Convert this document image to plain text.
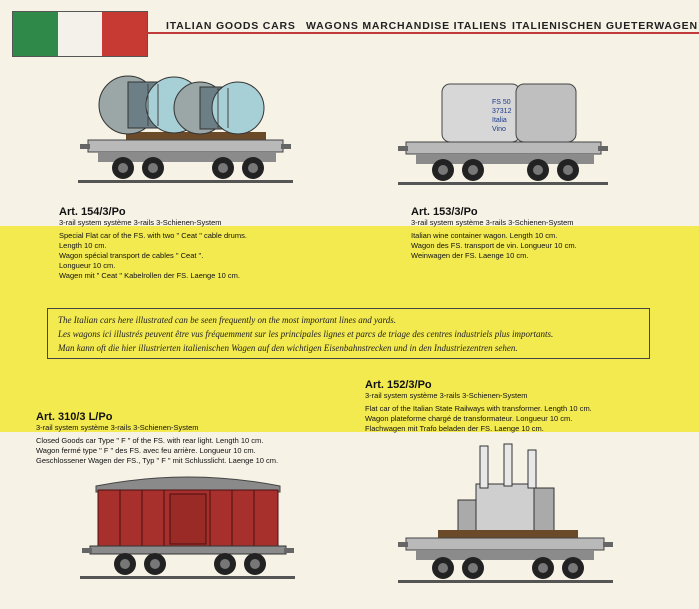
ITALIAN GOODS CARS WAGONS MARCHANDISE ITALIENS ITALIENISCHEN GUETERWAGEN
FS 50
37312
Italia
Vino
Art. 154/3/Po
3-rail system système 3-rails 3-Schienen-System
Special Flat car of the FS. with two " Ceat " cable drums.
Length 10 cm.
Wagon spécial transport de cables " Ceat ".
Longueur 10 cm.
Wagen mit " Ceat " Kabelrollen der FS. Laenge 10 cm.
Art. 153/3/Po
3-rail system système 3-rails 3-Schienen-System
Italian wine container wagon. Length 10 cm.
Wagon des FS. transport de vin. Longueur 10 cm.
Weinwagen der FS. Laenge 10 cm.
The Italian cars here illustrated can be seen frequently on the most important lines and yards.
Les wagons ici illustrés peuvent être vus fréquemment sur les principales lignes et parcs de triage des centres industriels plus importants.
Man kann oft die hier illustrierten italienischen Wagen auf den wichtigen Eisenbahnstrecken und in den Industriezentren sehen.
Art. 152/3/Po
3-rail system système 3-rails 3-Schienen-System
Flat car of the Italian State Railways with transformer. Length 10 cm.
Wagon plateforme chargé de transformateur. Longueur 10 cm.
Flachwagen mit Trafo beladen der FS. Laenge 10 cm.
Art. 310/3 L/Po
3-rail system système 3-rails 3-Schienen-System
Closed Goods car Type " F " of the FS. with rear light. Length 10 cm.
Wagon fermé type " F " des FS. avec feu arrière. Longueur 10 cm.
Geschlossener Wagen der FS., Typ " F " mit Schlusslicht. Laenge 10 cm.
